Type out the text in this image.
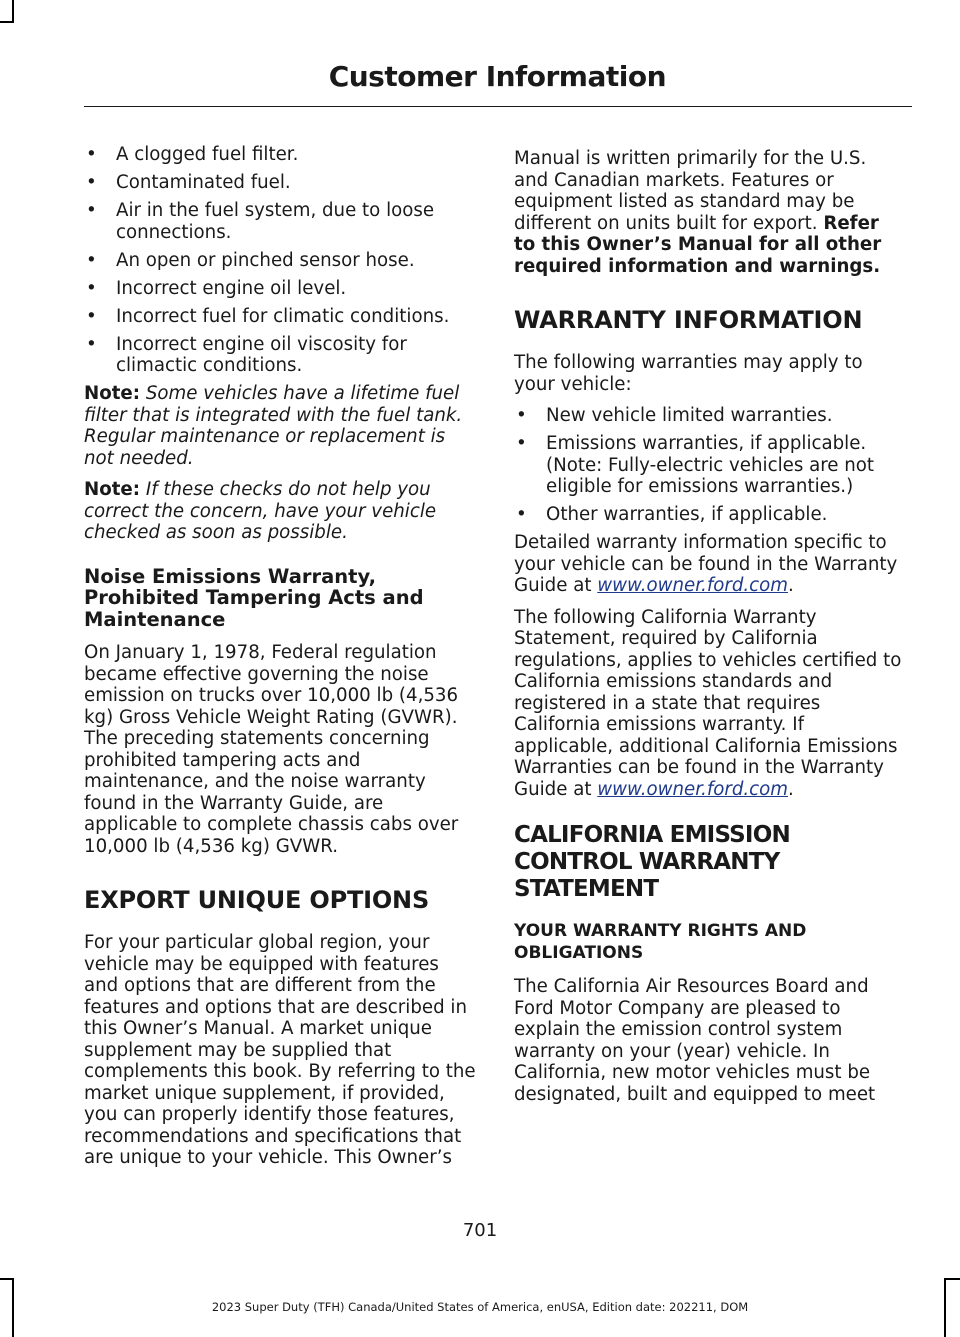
Customer Information
• A clogged fuel filter.
• Contaminated fuel.
• Air in the fuel system, due to loose connections.
• An open or pinched sensor hose.
• Incorrect engine oil level.
• Incorrect fuel for climatic conditions.
• Incorrect engine oil viscosity for climactic conditions.

Note: Some vehicles have a lifetime fuel filter that is integrated with the fuel tank. Regular maintenance or replacement is not needed.

Note: If these checks do not help you correct the concern, have your vehicle checked as soon as possible.

Noise Emissions Warranty, Prohibited Tampering Acts and Maintenance

On January 1, 1978, Federal regulation became effective governing the noise emission on trucks over 10,000 lb (4,536 kg) Gross Vehicle Weight Rating (GVWR). The preceding statements concerning prohibited tampering acts and maintenance, and the noise warranty found in the Warranty Guide, are applicable to complete chassis cabs over 10,000 lb (4,536 kg) GVWR.

EXPORT UNIQUE OPTIONS

For your particular global region, your vehicle may be equipped with features and options that are different from the features and options that are described in this Owner’s Manual. A market unique supplement may be supplied that complements this book. By referring to the market unique supplement, if provided, you can properly identify those features, recommendations and specifications that are unique to your vehicle. This Owner’s

Manual is written primarily for the U.S. and Canadian markets. Features or equipment listed as standard may be different on units built for export. Refer to this Owner’s Manual for all other required information and warnings.

WARRANTY INFORMATION

The following warranties may apply to your vehicle:

• New vehicle limited warranties.
• Emissions warranties, if applicable. (Note: Fully-electric vehicles are not eligible for emissions warranties.)
• Other warranties, if applicable.

Detailed warranty information specific to your vehicle can be found in the Warranty Guide at www.owner.ford.com.

The following California Warranty Statement, required by California regulations, applies to vehicles certified to California emissions standards and registered in a state that requires California emissions warranty. If applicable, additional California Emissions Warranties can be found in the Warranty Guide at www.owner.ford.com.

CALIFORNIA EMISSION CONTROL WARRANTY STATEMENT
YOUR WARRANTY RIGHTS AND OBLIGATIONS

The California Air Resources Board and Ford Motor Company are pleased to explain the emission control system warranty on your (year) vehicle. In California, new motor vehicles must be designated, built and equipped to meet

701
2023 Super Duty (TFH) Canada/United States of America, enUSA, Edition date: 202211, DOM
